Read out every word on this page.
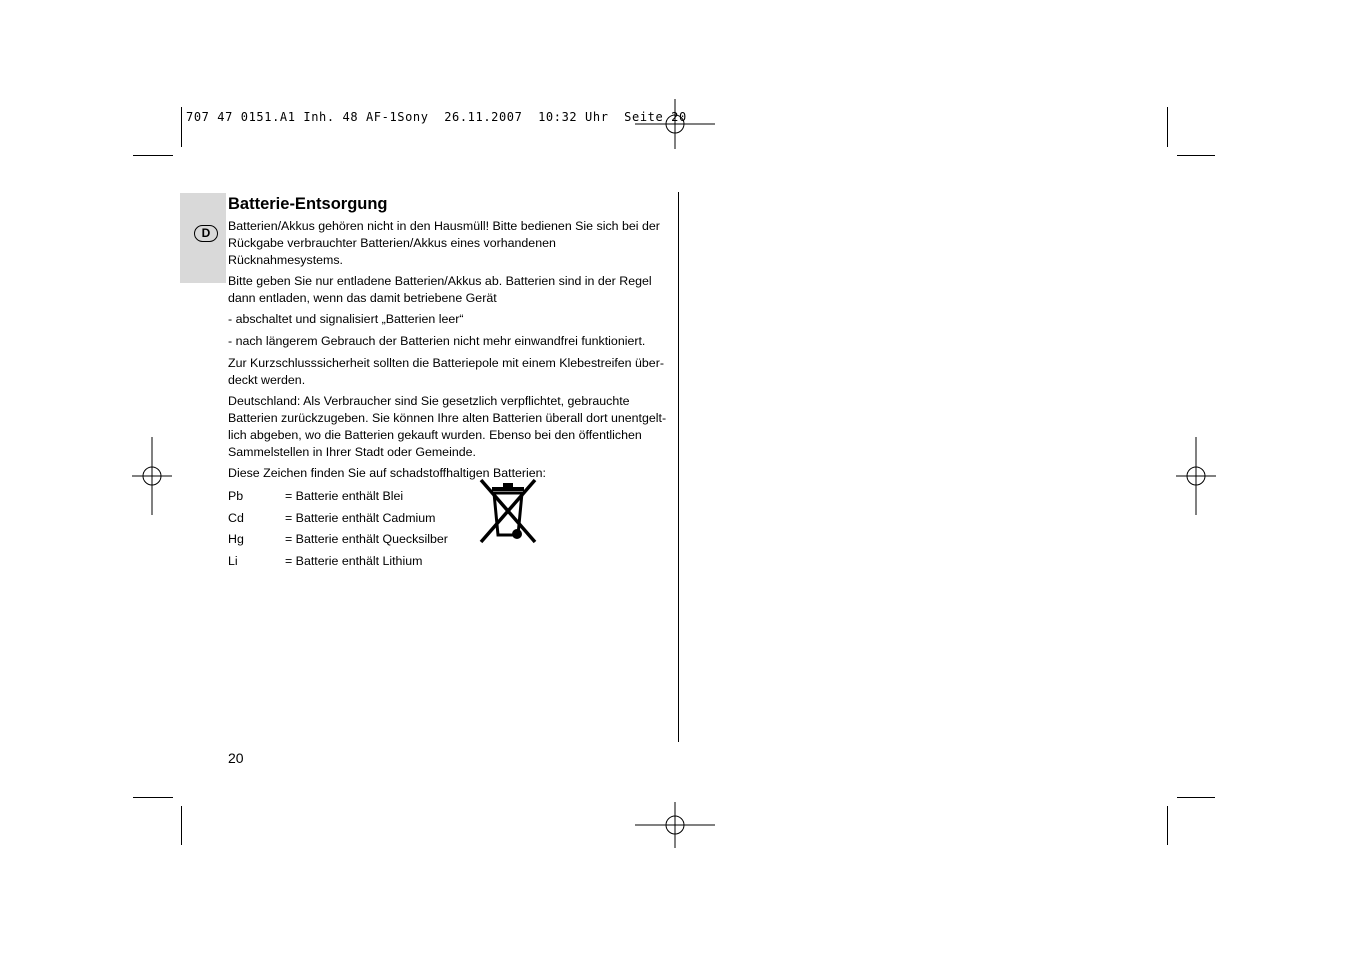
707 47 0151.A1 Inh. 48 AF-1Sony  26.11.2007  10:32 Uhr  Seite 20
D
Batterie-Entsorgung
Batterien/Akkus gehören nicht in den Hausmüll! Bitte bedienen Sie sich bei der
Rückgabe verbrauchter Batterien/Akkus eines vorhandenen Rücknahmesystems.
Bitte geben Sie nur entladene Batterien/Akkus ab. Batterien sind in der Regel
dann entladen, wenn das damit betriebene Gerät
- abschaltet und signalisiert „Batterien leer“
- nach längerem Gebrauch der Batterien nicht mehr einwandfrei funktioniert.
Zur Kurzschlusssicherheit sollten die Batteriepole mit einem Klebestreifen über-
deckt werden.
Deutschland: Als Verbraucher sind Sie gesetzlich verpflichtet, gebrauchte
Batterien zurückzugeben. Sie können Ihre alten Batterien überall dort unentgelt-
lich abgeben, wo die Batterien gekauft wurden. Ebenso bei den öffentlichen
Sammelstellen in Ihrer Stadt oder Gemeinde.
Diese Zeichen finden Sie auf schadstoffhaltigen Batterien:
Pb	= Batterie enthält Blei
Cd	= Batterie enthält Cadmium
Hg	= Batterie enthält Quecksilber
Li	= Batterie enthält Lithium
20
